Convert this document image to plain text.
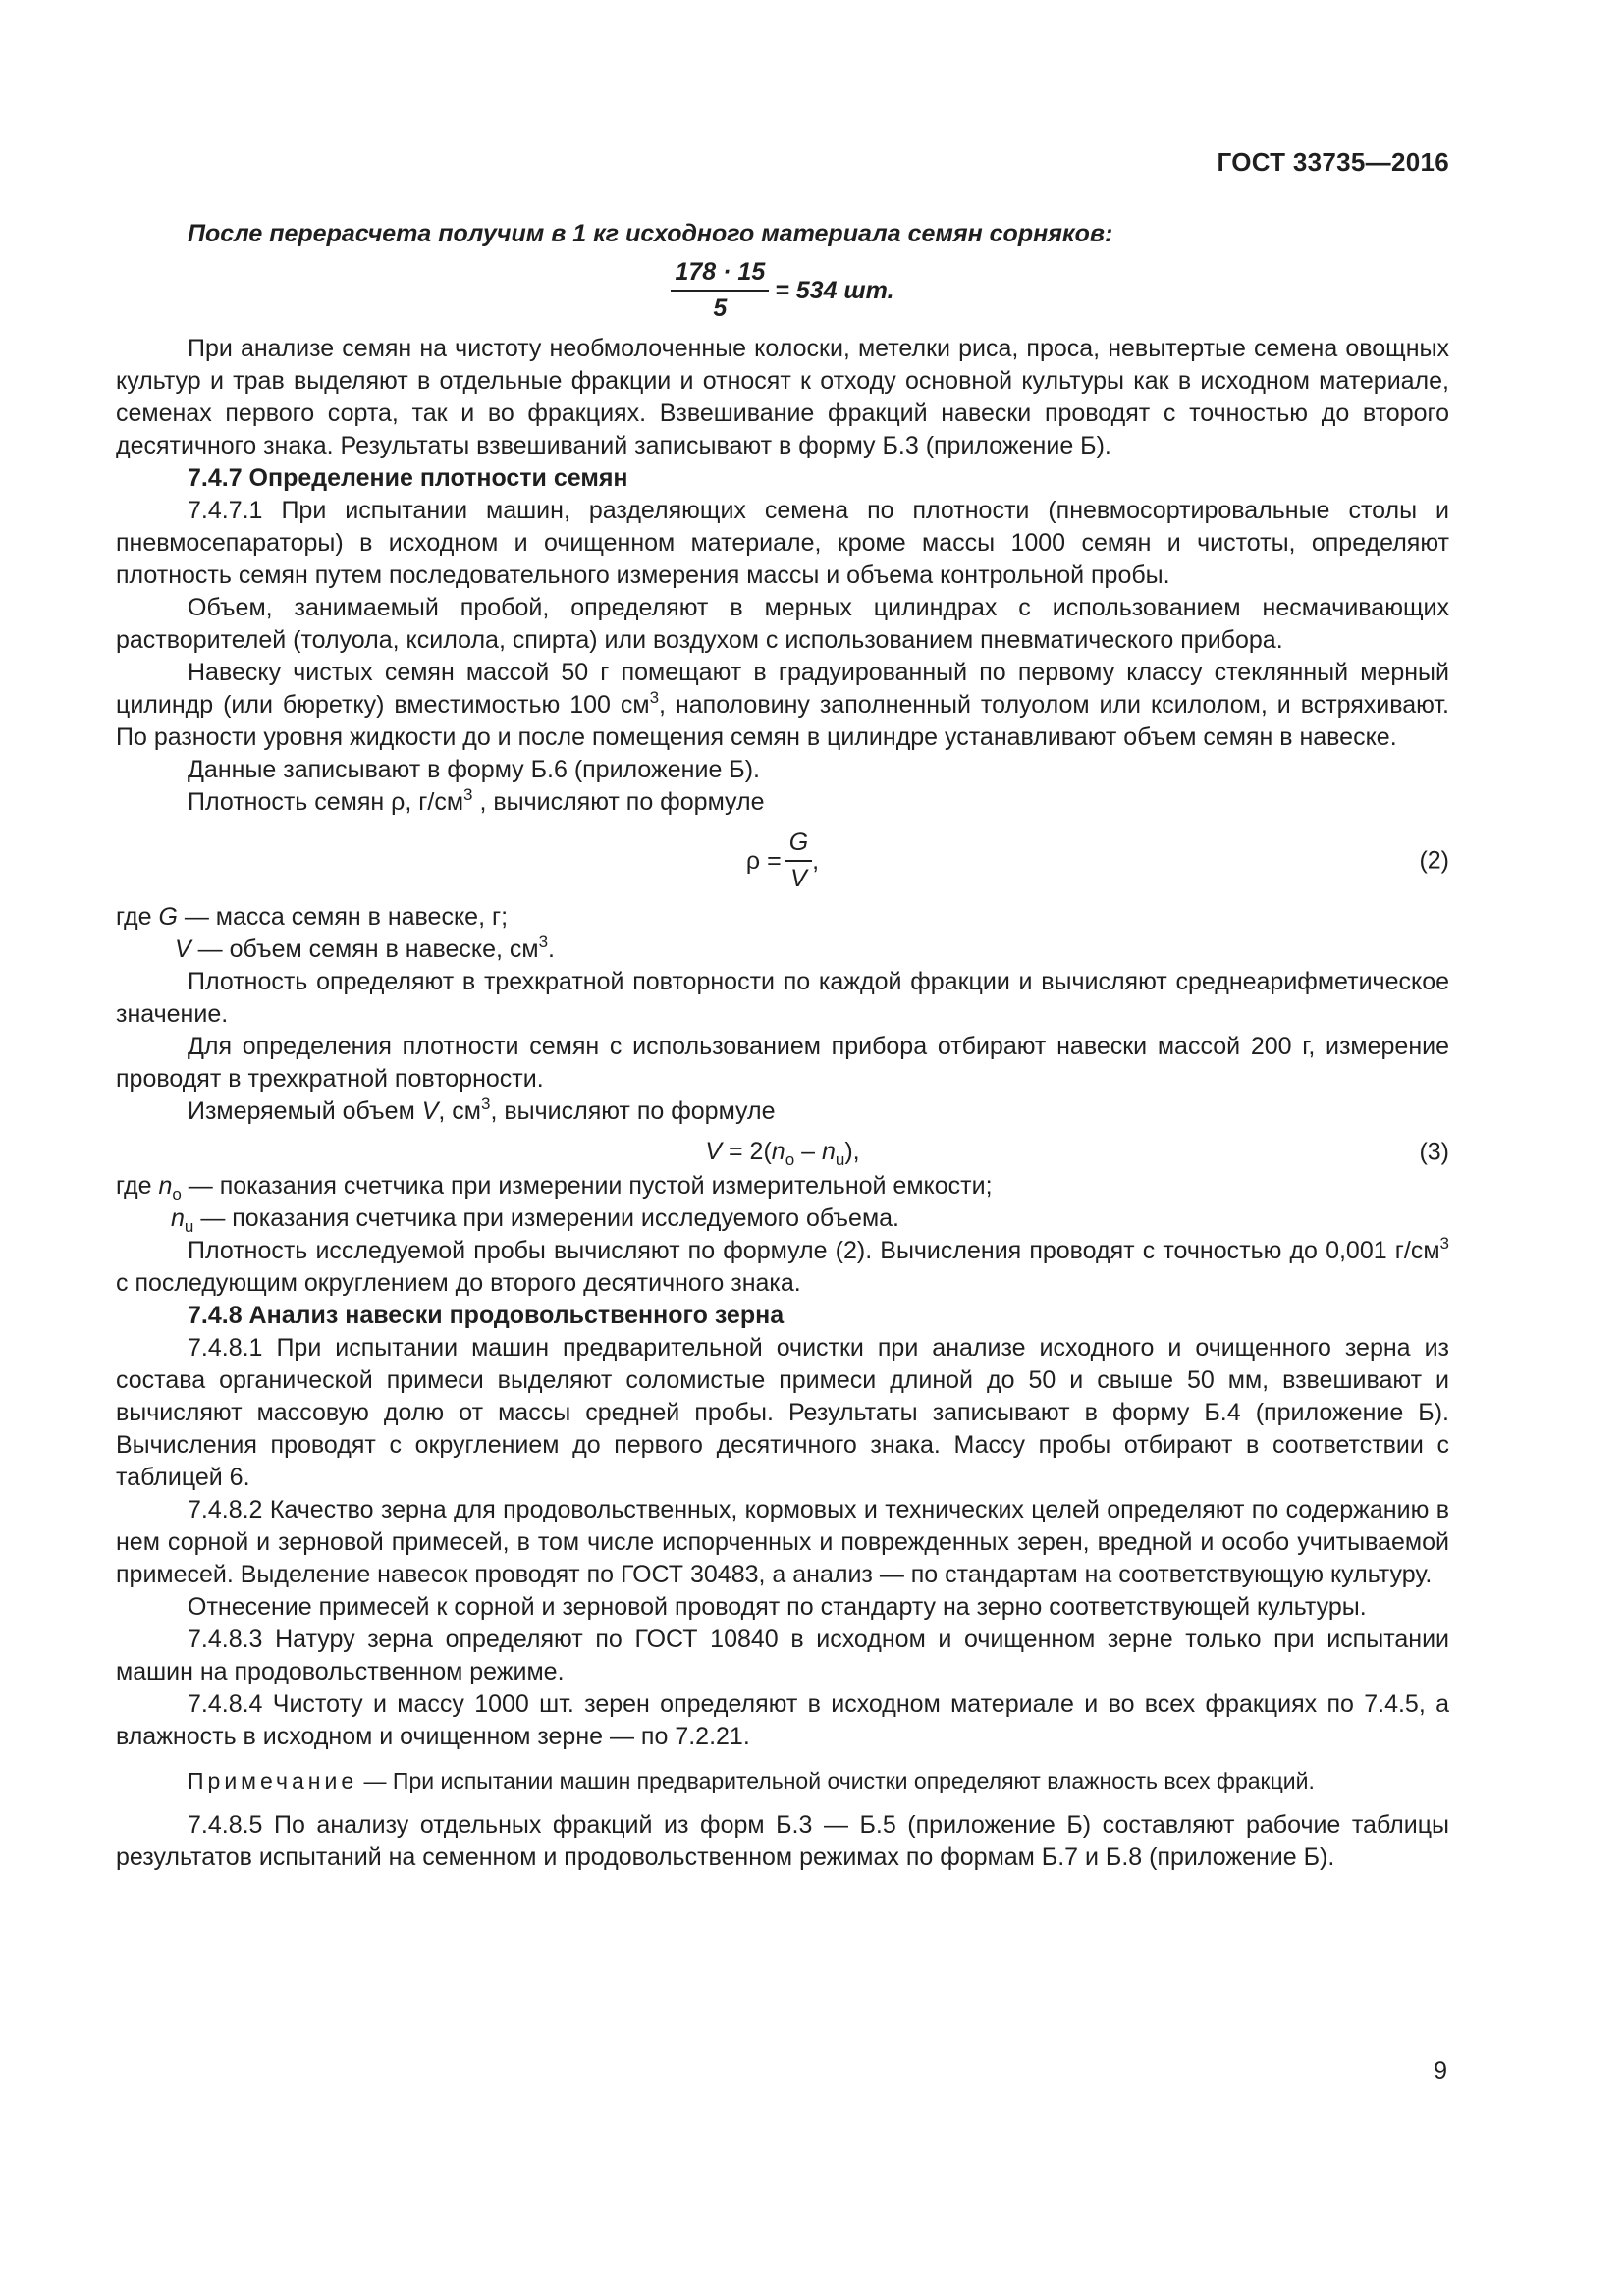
ГОСТ 33735—2016

После перерасчета получим в 1 кг исходного материала семян сорняков:

$\frac{178 \cdot 15}{5} = 534$ шт.

При анализе семян на чистоту необмолоченные колоски, метелки риса, проса, невытертые семена овощных культур и трав выделяют в отдельные фракции и относят к отходу основной культуры как в исходном материале, семенах первого сорта, так и во фракциях. Взвешивание фракций навески проводят с точностью до второго десятичного знака. Результаты взвешиваний записывают в форму Б.3 (приложение Б).

7.4.7 Определение плотности семян

7.4.7.1 При испытании машин, разделяющих семена по плотности (пневмосортировальные столы и пневмосепараторы) в исходном и очищенном материале, кроме массы 1000 семян и чистоты, определяют плотность семян путем последовательного измерения массы и объема контрольной пробы.

Объем, занимаемый пробой, определяют в мерных цилиндрах с использованием несмачивающих растворителей (толуола, ксилола, спирта) или воздухом с использованием пневматического прибора.

Навеску чистых семян массой 50 г помещают в градуированный по первому классу стеклянный мерный цилиндр (или бюретку) вместимостью 100 $см^3$, наполовину заполненный толуолом или ксилолом, и встряхивают. По разности уровня жидкости до и после помещения семян в цилиндре устанавливают объем семян в навеске.

Данные записывают в форму Б.6 (приложение Б).

Плотность семян ρ, $г/см^3$ , вычисляют по формуле

$\rho = \frac{G}{V}$ ,	(2)

где G — масса семян в навеске, г;

V — объем семян в навеске, $см^3$.

Плотность определяют в трехкратной повторности по каждой фракции и вычисляют среднеарифметическое значение.

Для определения плотности семян с использованием прибора отбирают навески массой 200 г, измерение проводят в трехкратной повторности.

Измеряемый объем V, $см^3$, вычисляют по формуле

$V = 2(n_о - n_u)$,	(3)

где $n_о$ — показания счетчика при измерении пустой измерительной емкости;

$n_u$ — показания счетчика при измерении исследуемого объема.

Плотность исследуемой пробы вычисляют по формуле (2). Вычисления проводят с точностью до 0,001 $г/см^3$ с последующим округлением до второго десятичного знака.

7.4.8 Анализ навески продовольственного зерна

7.4.8.1 При испытании машин предварительной очистки при анализе исходного и очищенного зерна из состава органической примеси выделяют соломистые примеси длиной до 50 и свыше 50 мм, взвешивают и вычисляют массовую долю от массы средней пробы. Результаты записывают в форму Б.4 (приложение Б). Вычисления проводят с округлением до первого десятичного знака. Массу пробы отбирают в соответствии с таблицей 6.

7.4.8.2 Качество зерна для продовольственных, кормовых и технических целей определяют по содержанию в нем сорной и зерновой примесей, в том числе испорченных и поврежденных зерен, вредной и особо учитываемой примесей. Выделение навесок проводят по ГОСТ 30483, а анализ — по стандартам на соответствующую культуру.

Отнесение примесей к сорной и зерновой проводят по стандарту на зерно соответствующей культуры.

7.4.8.3 Натуру зерна определяют по ГОСТ 10840 в исходном и очищенном зерне только при испытании машин на продовольственном режиме.

7.4.8.4 Чистоту и массу 1000 шт. зерен определяют в исходном материале и во всех фракциях по 7.4.5, а влажность в исходном и очищенном зерне — по 7.2.21.

Примечание — При испытании машин предварительной очистки определяют влажность всех фракций.

7.4.8.5 По анализу отдельных фракций из форм Б.3 — Б.5 (приложение Б) составляют рабочие таблицы результатов испытаний на семенном и продовольственном режимах по формам Б.7 и Б.8 (приложение Б).

9
